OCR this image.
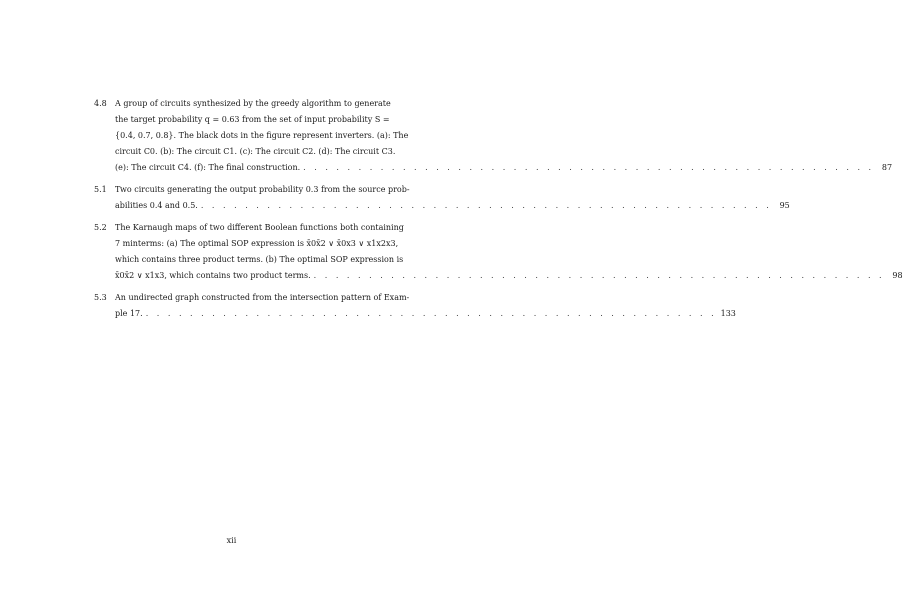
4.8 A group of circuits synthesized by the greedy algorithm to generate
the target probability q = 0.63 from the set of input probability S =
{0.4, 0.7, 0.8}. The black dots in the figure represent inverters. (a): The
circuit C0. (b): The circuit C1. (c): The circuit C2. (d): The circuit C3.
(e): The circuit C4. (f): The final construction. . . . . . . . . . . . . . . . . . . . . . . . . . . . . . . . . . . . . . . . . . . . . . . . . . . . . 87
5.1 Two circuits generating the output probability 0.3 from the source prob-
abilities 0.4 and 0.5. . . . . . . . . . . . . . . . . . . . . . . . . . . . . . . . . . . . . . . . . . . . . . . . . . . . . 95
5.2 The Karnaugh maps of two different Boolean functions both containing
7 minterms: (a) The optimal SOP expression is x̄0x̄2 ∨ x̄0x3 ∨ x1x2x3,
which contains three product terms. (b) The optimal SOP expression is
x̄0x̄2 ∨ x1x3, which contains two product terms. . . . . . . . . . . . . . . . . . . . . . . . . . . . . . . . . . . . . . . . . . . . . . . . . . . . . 98
5.3 An undirected graph constructed from the intersection pattern of Exam-
ple 17. . . . . . . . . . . . . . . . . . . . . . . . . . . . . . . . . . . . . . . . . . . . . . . . . . . . . 133
xii
